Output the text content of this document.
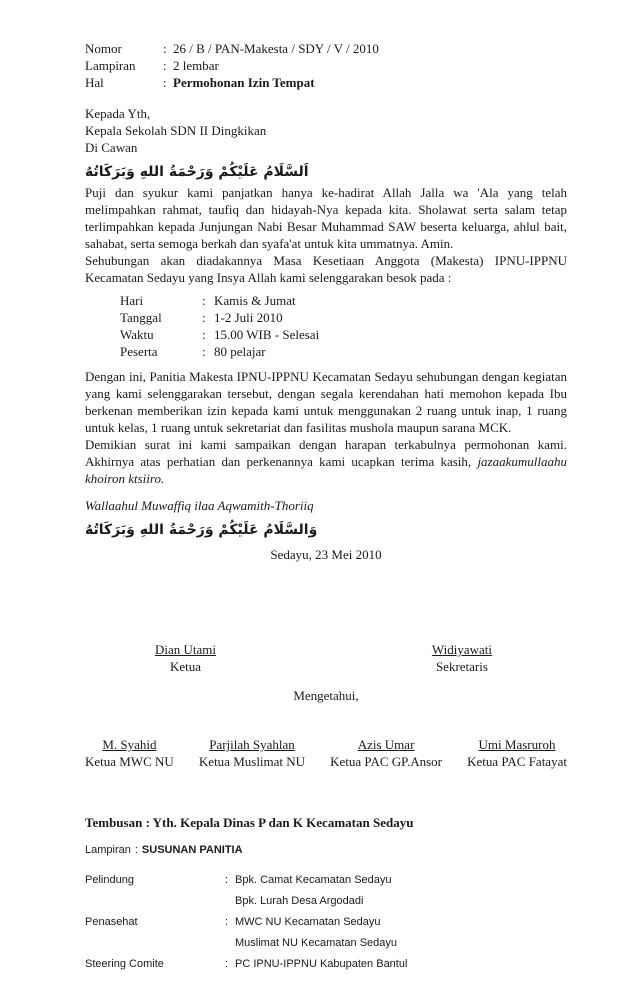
Nomor	: 26 / B / PAN-Makesta / SDY / V / 2010
Lampiran	: 2 lembar
Hal	: Permohonan Izin Tempat
Kepada Yth,
Kepala Sekolah SDN II Dingkikan
Di Cawan
اَلسَّلَامُ عَلَيْكُمْ وَرَحْمَةُ اللهِ وَبَرَكَاتُهُ

Puji dan syukur kami panjatkan hanya ke-hadirat Allah Jalla wa 'Ala yang telah melimpahkan rahmat, taufiq dan hidayah-Nya kepada kita. Sholawat serta salam tetap terlimpahkan kepada Junjungan Nabi Besar Muhammad SAW beserta keluarga, ahlul bait, sahabat, serta semoga berkah dan syafa'at untuk kita ummatnya. Amin.

Sehubungan akan diadakannya Masa Kesetiaan Anggota (Makesta) IPNU-IPPNU Kecamatan Sedayu yang Insya Allah kami selenggarakan besok pada :

Hari	: Kamis & Jumat
Tanggal	: 1-2 Juli 2010
Waktu	: 15.00 WIB - Selesai
Peserta	: 80 pelajar

Dengan ini, Panitia Makesta IPNU-IPPNU Kecamatan Sedayu sehubungan dengan kegiatan yang kami selenggarakan tersebut, dengan segala kerendahan hati memohon kepada Ibu berkenan memberikan izin kepada kami untuk menggunakan 2 ruang untuk inap, 1 ruang untuk kelas, 1 ruang untuk sekretariat dan fasilitas mushola maupun sarana MCK.

Demikian surat ini kami sampaikan dengan harapan terkabulnya permohonan kami. Akhirnya atas perhatian dan perkenannya kami ucapkan terima kasih, jazaakumullaahu khoiron ktsiiro.

Wallaahul Muwaffiq ilaa Aqwamith-Thoriiq
وَالسَّلَامُ عَلَيْكُمْ وَرَحْمَةُ اللهِ وَبَرَكَاتُهُ
Sedayu, 23 Mei 2010
Dian Utami
Ketua
Widiyawati
Sekretaris
Mengetahui,
M. Syahid
Ketua MWC NU
Parjilah Syahlan
Ketua Muslimat NU
Azis Umar
Ketua PAC GP.Ansor
Umi Masruroh
Ketua PAC Fatayat
Tembusan : Yth. Kepala Dinas P dan K Kecamatan Sedayu
Lampiran : SUSUNAN PANITIA
Pelindung	: Bpk. Camat Kecamatan Sedayu
Bpk. Lurah Desa Argodadi
Penasehat	: MWC NU Kecamatan Sedayu
Muslimat NU Kecamatan Sedayu
Steering Comite	: PC IPNU-IPPNU Kabupaten Bantul
